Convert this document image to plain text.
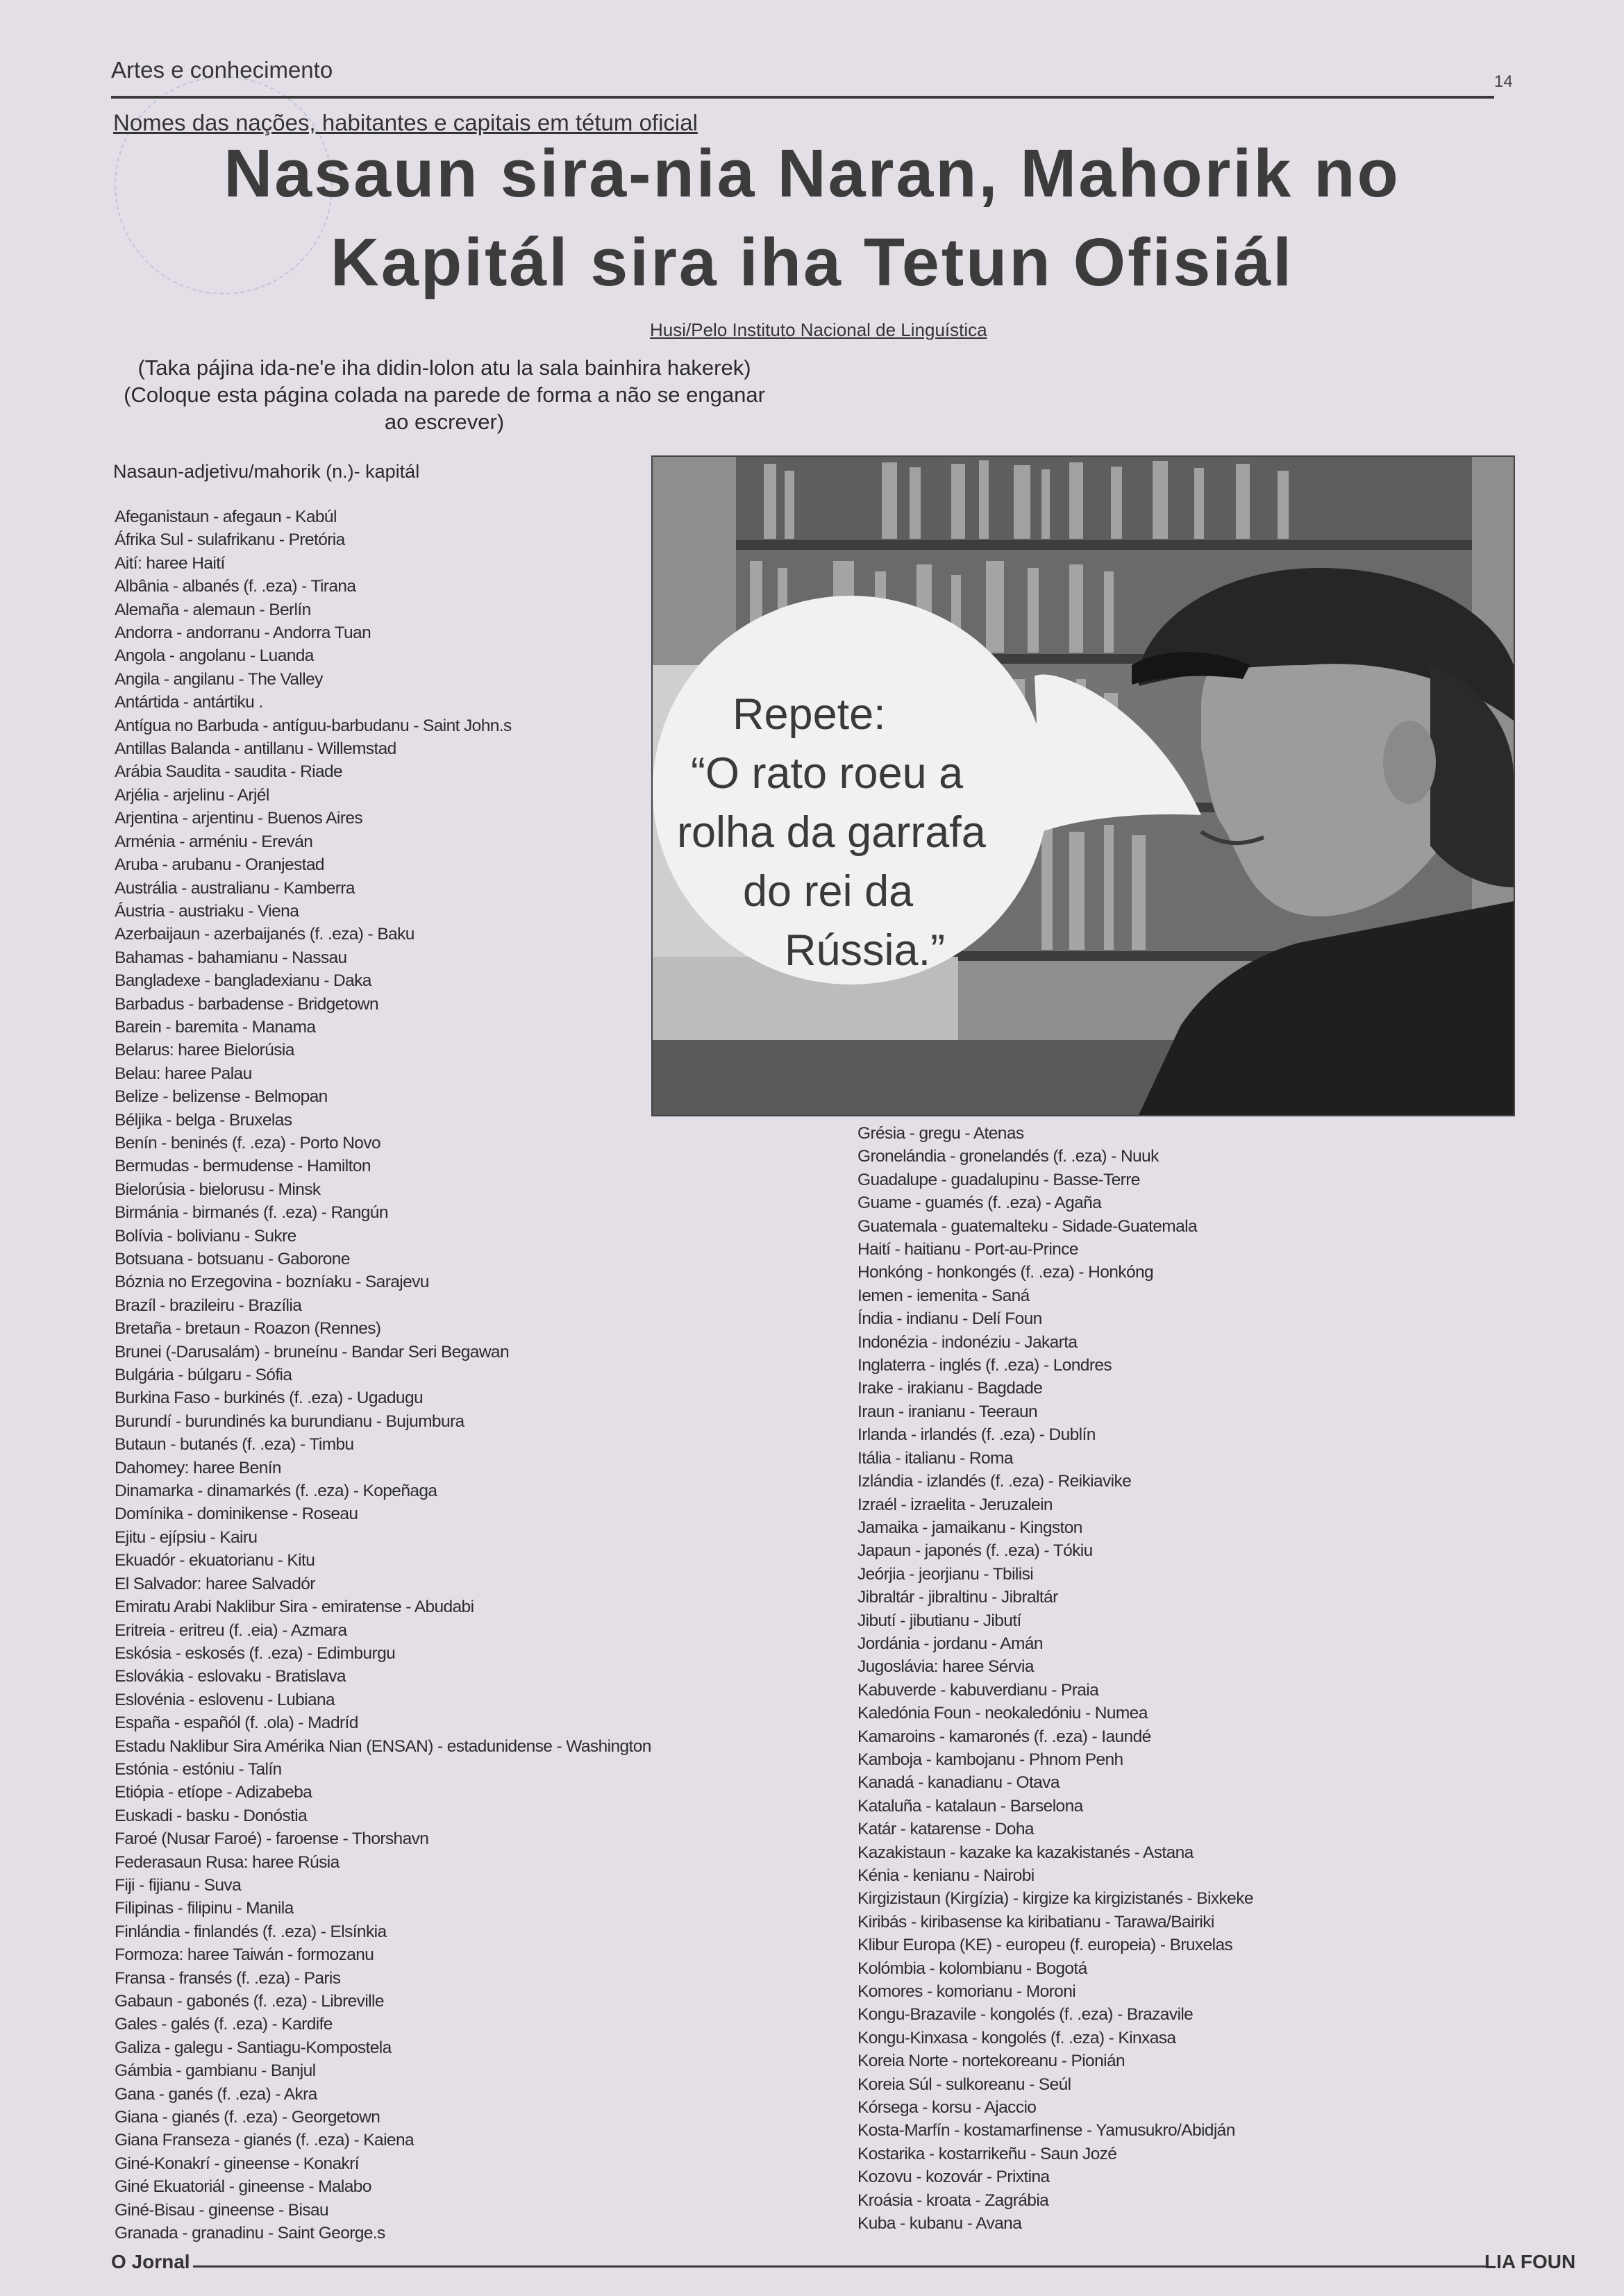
Artes e conhecimento	14
Nomes das nações, habitantes e capitais em tétum oficial
Nasaun sira-nia Naran, Mahorik no
Kapitál sira iha Tetun Ofisiál
Husi/Pelo Instituto Nacional de Linguística
(Taka pájina ida-ne'e iha didin-lolon atu la sala bainhira hakerek)
(Coloque esta página colada na parede de forma a não se enganar ao escrever)
Nasaun-adjetivu/mahorik (n.)- kapitál
Afeganistaun - afegaun - Kabúl
Áfrika Sul - sulafrikanu - Pretória
Aití: haree Haití
Albânia - albanés (f. .eza) - Tirana
Alemaña - alemaun - Berlín
Andorra - andorranu - Andorra Tuan
Angola - angolanu - Luanda
Angila - angilanu - The Valley
Antártida - antártiku .
Antígua no Barbuda - antíguu-barbudanu - Saint John.s
Antillas Balanda - antillanu - Willemstad
Arábia Saudita - saudita - Riade
Arjélia - arjelinu - Arjél
Arjentina - arjentinu - Buenos Aires
Arménia - arméniu - Ereván
Aruba - arubanu - Oranjestad
Austrália - australianu - Kamberra
Áustria - austriaku - Viena
Azerbaijaun - azerbaijanés (f. .eza) - Baku
Bahamas - bahamianu - Nassau
Bangladexe - bangladexianu - Daka
Barbadus - barbadense - Bridgetown
Barein - baremita - Manama
Belarus: haree Bielorúsia
Belau: haree Palau
Belize - belizense - Belmopan
Béljika - belga - Bruxelas
Benín - beninés (f. .eza) - Porto Novo
Bermudas - bermudense - Hamilton
Bielorúsia - bielorusu - Minsk
Birmánia - birmanés (f. .eza) - Rangún
Bolívia - bolivianu - Sukre
Botsuana - botsuanu - Gaborone
Bóznia no Erzegovina - bozníaku - Sarajevu
Brazíl - brazileiru - Brazília
Bretaña - bretaun - Roazon (Rennes)
Brunei (-Darusalám) - bruneínu - Bandar Seri Begawan
Bulgária - búlgaru - Sófia
Burkina Faso - burkinés (f. .eza) - Ugadugu
Burundí - burundinés ka burundianu - Bujumbura
Butaun - butanés (f. .eza) - Timbu
Dahomey: haree Benín
Dinamarka - dinamarkés (f. .eza) - Kopeñaga
Domínika - dominikense - Roseau
Ejitu - ejípsiu - Kairu
Ekuadór - ekuatorianu - Kitu
El Salvador: haree Salvadór
Emiratu Arabi Naklibur Sira - emiratense - Abudabi
Eritreia - eritreu (f. .eia) - Azmara
Eskósia - eskosés (f. .eza) - Edimburgu
Eslovákia - eslovaku - Bratislava
Eslovénia - eslovenu - Lubiana
España - españól (f. .ola) - Madríd
Estadu Naklibur Sira Amérika Nian (ENSAN) - estadunidense - Washington
Estónia - estóniu - Talín
Etiópia - etíope - Adizabeba
Euskadi - basku - Donóstia
Faroé (Nusar Faroé) - faroense - Thorshavn
Federasaun Rusa: haree Rúsia
Fiji - fijianu - Suva
Filipinas - filipinu - Manila
Finlándia - finlandés (f. .eza) - Elsínkia
Formoza: haree Taiwán - formozanu
Fransa - fransés (f. .eza) - Paris
Gabaun - gabonés (f. .eza) - Libreville
Gales - galés (f. .eza) - Kardife
Galiza - galegu - Santiagu-Kompostela
Gámbia - gambianu - Banjul
Gana - ganés (f. .eza) - Akra
Giana - gianés (f. .eza) - Georgetown
Giana Franseza - gianés (f. .eza) - Kaiena
Giné-Konakrí - gineense - Konakrí
Giné Ekuatoriál - gineense - Malabo
Giné-Bisau - gineense - Bisau
Granada - granadinu - Saint George.s
Grésia - gregu - Atenas
Gronelándia - gronelandés (f. .eza) - Nuuk
Guadalupe - guadalupinu - Basse-Terre
Guame - guamés (f. .eza) - Agaña
Guatemala - guatemalteku - Sidade-Guatemala
Haití - haitianu - Port-au-Prince
Honkóng - honkongés (f. .eza) - Honkóng
Iemen - iemenita - Saná
Índia - indianu - Delí Foun
Indonézia - indonéziu - Jakarta
Inglaterra - inglés (f. .eza) - Londres
Irake - irakianu - Bagdade
Iraun - iranianu - Teeraun
Irlanda - irlandés (f. .eza) - Dublín
Itália - italianu - Roma
Izlándia - izlandés (f. .eza) - Reikiavike
Izraél - izraelita - Jeruzalein
Jamaika - jamaikanu - Kingston
Japaun - japonés (f. .eza) - Tókiu
Jeórjia - jeorjianu - Tbilisi
Jibraltár - jibraltinu - Jibraltár
Jibutí - jibutianu - Jibutí
Jordánia - jordanu - Amán
Jugoslávia: haree Sérvia
Kabuverde - kabuverdianu - Praia
Kaledónia Foun - neokaledóniu - Numea
Kamaroins - kamaronés (f. .eza) - Iaundé
Kamboja - kambojanu - Phnom Penh
Kanadá - kanadianu - Otava
Kataluña - katalaun - Barselona
Katár - katarense - Doha
Kazakistaun - kazake ka kazakistanés - Astana
Kénia - kenianu - Nairobi
Kirgizistaun (Kirgízia) - kirgize ka kirgizistanés - Bixkeke
Kiribás - kiribasense ka kiribatianu - Tarawa/Bairiki
Klibur Europa (KE) - europeu (f. europeia) - Bruxelas
Kolómbia - kolombianu - Bogotá
Komores - komorianu - Moroni
Kongu-Brazavile - kongolés (f. .eza) - Brazavile
Kongu-Kinxasa - kongolés (f. .eza) - Kinxasa
Koreia Norte - nortekoreanu - Pionián
Koreia Súl - sulkoreanu - Seúl
Kórsega - korsu - Ajaccio
Kosta-Marfín - kostamarfinense - Yamusukro/Abidján
Kostarika - kostarrikeñu - Saun Jozé
Kozovu - kozovár - Prixtina
Kroásia - kroata - Zagrábia
Kuba - kubanu - Avana
Repete:
“O rato roeu a
rolha da garrafa
do rei da
Rússia.”
O Jornal	LIA FOUN
